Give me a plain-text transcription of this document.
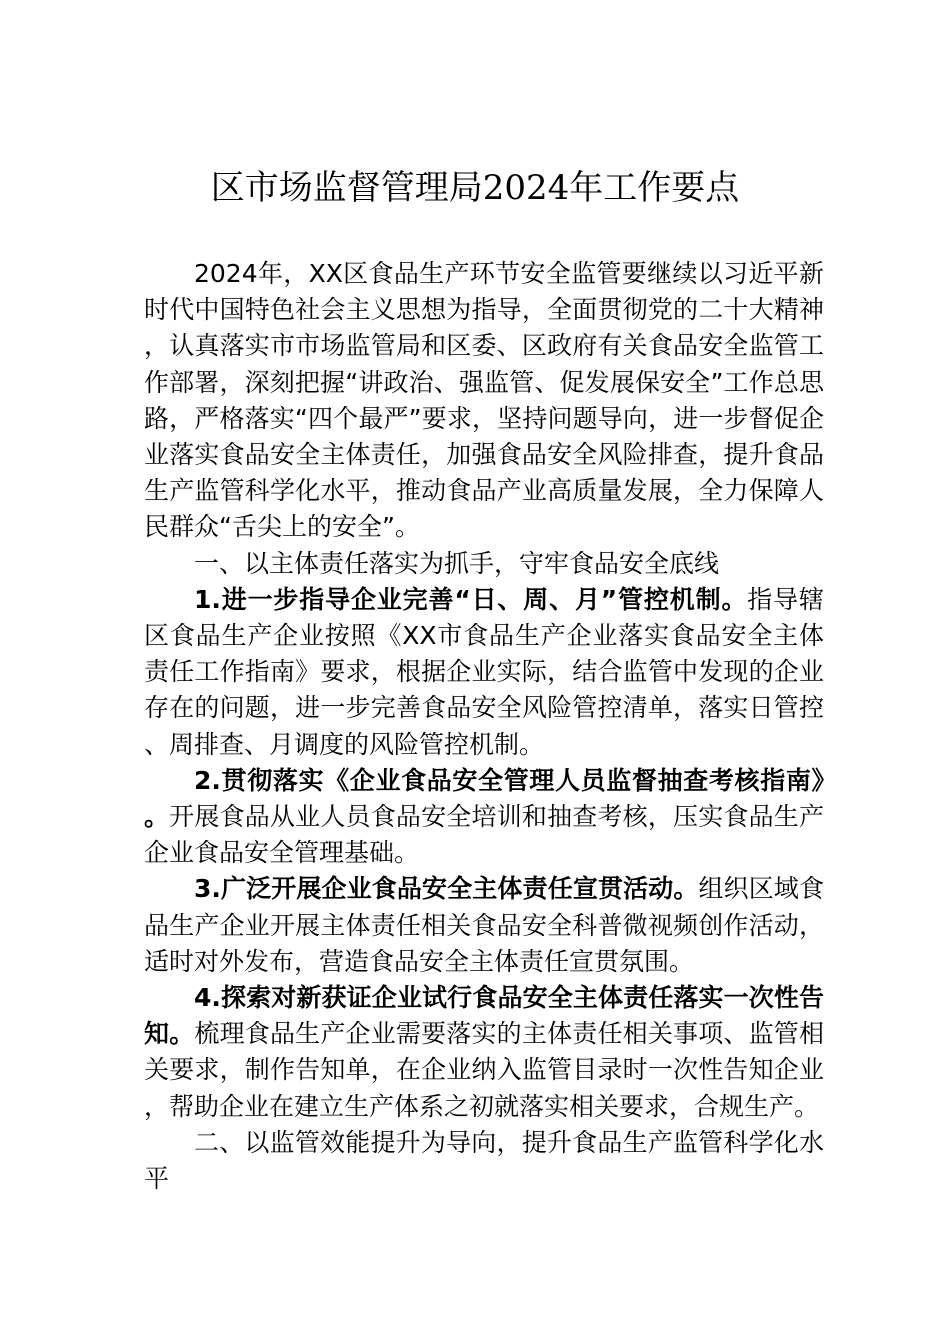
区市场监督管理局2024年工作要点

2024年，XX区食品生产环节安全监管要继续以习近平新时代中国特色社会主义思想为指导，全面贯彻党的二十大精神，认真落实市市场监管局和区委、区政府有关食品安全监管工作部署，深刻把握“讲政治、强监管、促发展保安全”工作总思路，严格落实“四个最严”要求，坚持问题导向，进一步督促企业落实食品安全主体责任，加强食品安全风险排查，提升食品生产监管科学化水平，推动食品产业高质量发展，全力保障人民群众“舌尖上的安全”。

一、以主体责任落实为抓手，守牢食品安全底线

1.进一步指导企业完善“日、周、月”管控机制。指导辖区食品生产企业按照《XX市食品生产企业落实食品安全主体责任工作指南》要求，根据企业实际，结合监管中发现的企业存在的问题，进一步完善食品安全风险管控清单，落实日管控、周排查、月调度的风险管控机制。

2.贯彻落实《企业食品安全管理人员监督抽查考核指南》。开展食品从业人员食品安全培训和抽查考核，压实食品生产企业食品安全管理基础。

3.广泛开展企业食品安全主体责任宣贯活动。组织区域食品生产企业开展主体责任相关食品安全科普微视频创作活动，适时对外发布，营造食品安全主体责任宣贯氛围。

4.探索对新获证企业试行食品安全主体责任落实一次性告知。梳理食品生产企业需要落实的主体责任相关事项、监管相关要求，制作告知单，在企业纳入监管目录时一次性告知企业，帮助企业在建立生产体系之初就落实相关要求，合规生产。

二、以监管效能提升为导向，提升食品生产监管科学化水平
